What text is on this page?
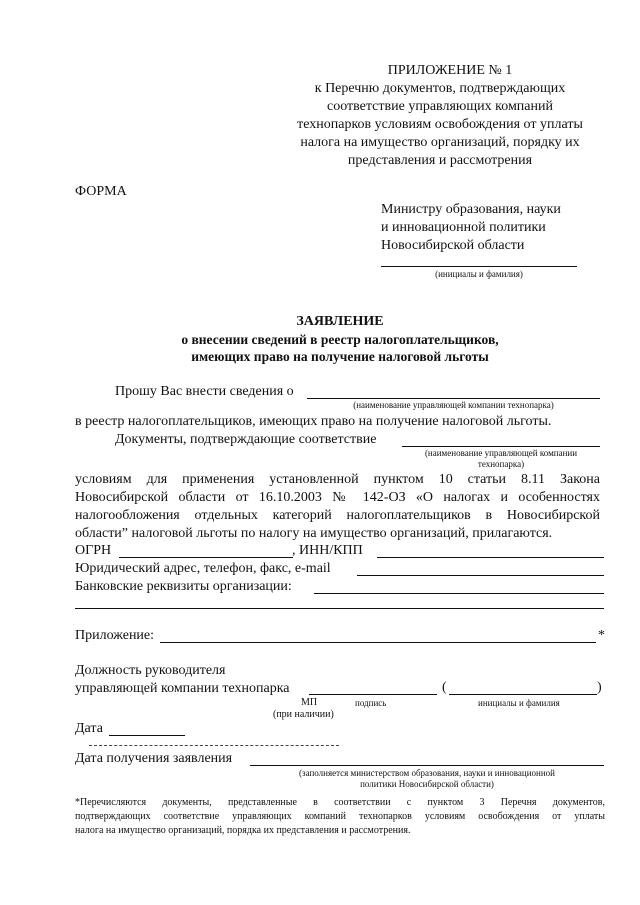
ПРИЛОЖЕНИЕ № 1
к Перечню документов, подтверждающих
соответствие управляющих компаний
технопарков условиям освобождения от уплаты
налога на имущество организаций, порядку их
представления и рассмотрения
ФОРМА
Министру образования, науки
и инновационной политики
Новосибирской области
(инициалы и фамилия)
ЗАЯВЛЕНИЕ
о внесении сведений в реестр налогоплательщиков,
имеющих право на получение налоговой льготы
Прошу Вас внести сведения о
(наименование управляющей компании технопарка)
в реестр налогоплательщиков, имеющих право на получение налоговой льготы.
Документы, подтверждающие соответствие
(наименование управляющей компании
технопарка)
условиям для применения установленной пунктом 10 статьи 8.11 Закона
Новосибирской области от 16.10.2003 № 142-ОЗ «О налогах и особенностях
налогообложения отдельных категорий налогоплательщиков в Новосибирской
области” налоговой льготы по налогу на имущество организаций, прилагаются.
ОГРН	, ИНН/КПП
Юридический адрес, телефон, факс, e-mail
Банковские реквизиты организации:
Приложение:	*
Должность руководителя
управляющей компании технопарка	(	)
МП	подпись	инициалы и фамилия
(при наличии)
Дата
Дата получения заявления
(заполняется министерством образования, науки и инновационной
политики Новосибирской области)
*Перечисляются документы, представленные в соответствии с пунктом 3 Перечня документов,
подтверждающих соответствие управляющих компаний технопарков условиям освобождения от уплаты
налога на имущество организаций, порядка их представления и рассмотрения.
